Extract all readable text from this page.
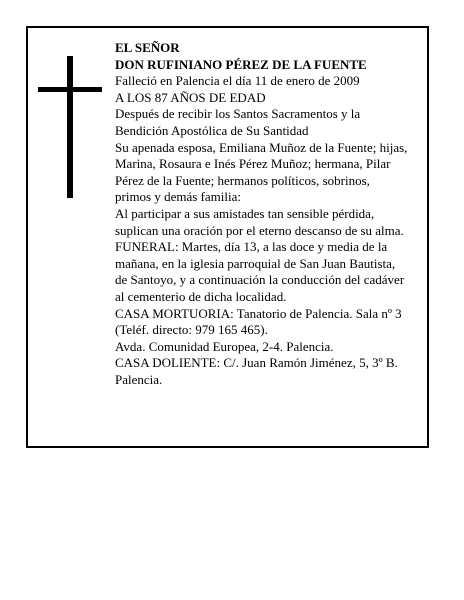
EL SEÑOR

DON RUFINIANO PÉREZ DE LA FUENTE

Falleció en Palencia el día 11 de enero de 2009

A LOS 87 AÑOS DE EDAD

Después de recibir los Santos Sacramentos y la
Bendición Apostólica de Su Santidad

Su apenada esposa, Emiliana Muñoz de la Fuente; hijas,
Marina, Rosaura e Inés Pérez Muñoz; hermana, Pilar
Pérez de la Fuente; hermanos políticos, sobrinos,
primos y demás familia:

Al participar a sus amistades tan sensible pérdida,
suplican una oración por el eterno descanso de su alma.

FUNERAL: Martes, día 13, a las doce y media de la
mañana, en la iglesia parroquial de San Juan Bautista,
de Santoyo, y a continuación la conducción del cadáver
al cementerio de dicha localidad.

CASA MORTUORIA: Tanatorio de Palencia. Sala nº 3
(Teléf. directo: 979 165 465).

Avda. Comunidad Europea, 2-4. Palencia.

CASA DOLIENTE: C/. Juan Ramón Jiménez, 5, 3º B.
Palencia.
